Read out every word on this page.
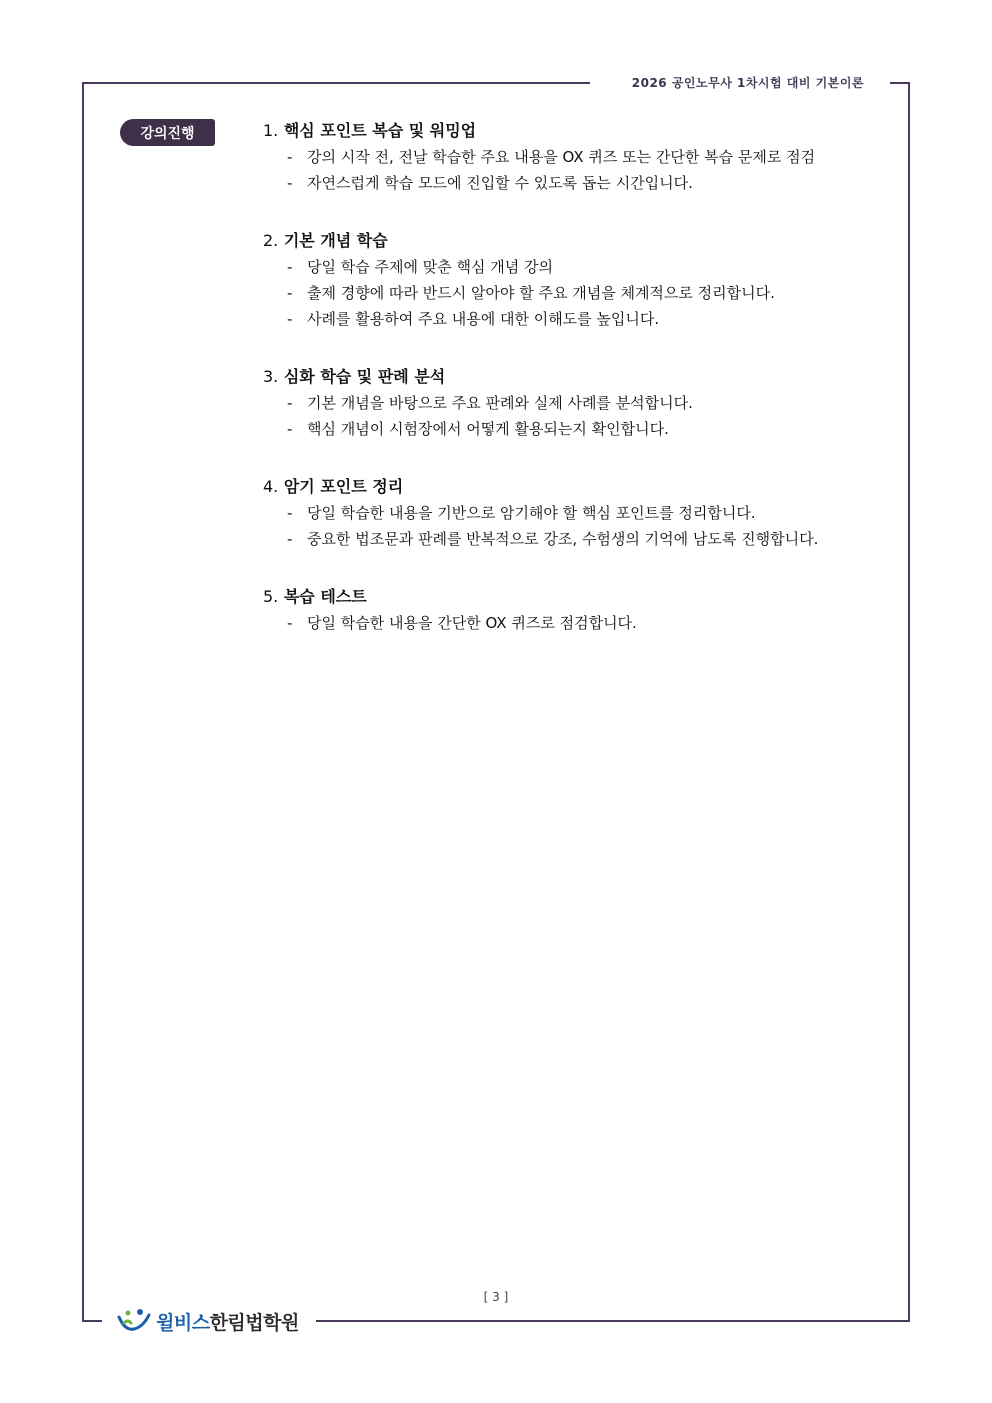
2026 공인노무사 1차시험 대비 기본이론
강의진행	1. 핵심 포인트 복습 및 워밍업
- 강의 시작 전, 전날 학습한 주요 내용을 OX 퀴즈 또는 간단한 복습 문제로 점검
- 자연스럽게 학습 모드에 진입할 수 있도록 돕는 시간입니다.
2. 기본 개념 학습
- 당일 학습 주제에 맞춘 핵심 개념 강의
- 출제 경향에 따라 반드시 알아야 할 주요 개념을 체계적으로 정리합니다.
- 사례를 활용하여 주요 내용에 대한 이해도를 높입니다.
3. 심화 학습 및 판례 분석
- 기본 개념을 바탕으로 주요 판례와 실제 사례를 분석합니다.
- 핵심 개념이 시험장에서 어떻게 활용되는지 확인합니다.
4. 암기 포인트 정리
- 당일 학습한 내용을 기반으로 암기해야 할 핵심 포인트를 정리합니다.
- 중요한 법조문과 판례를 반복적으로 강조, 수험생의 기억에 남도록 진행합니다.
5. 복습 테스트
- 당일 학습한 내용을 간단한 OX 퀴즈로 점검합니다.
[ 3 ]
윌비스한림법학원
